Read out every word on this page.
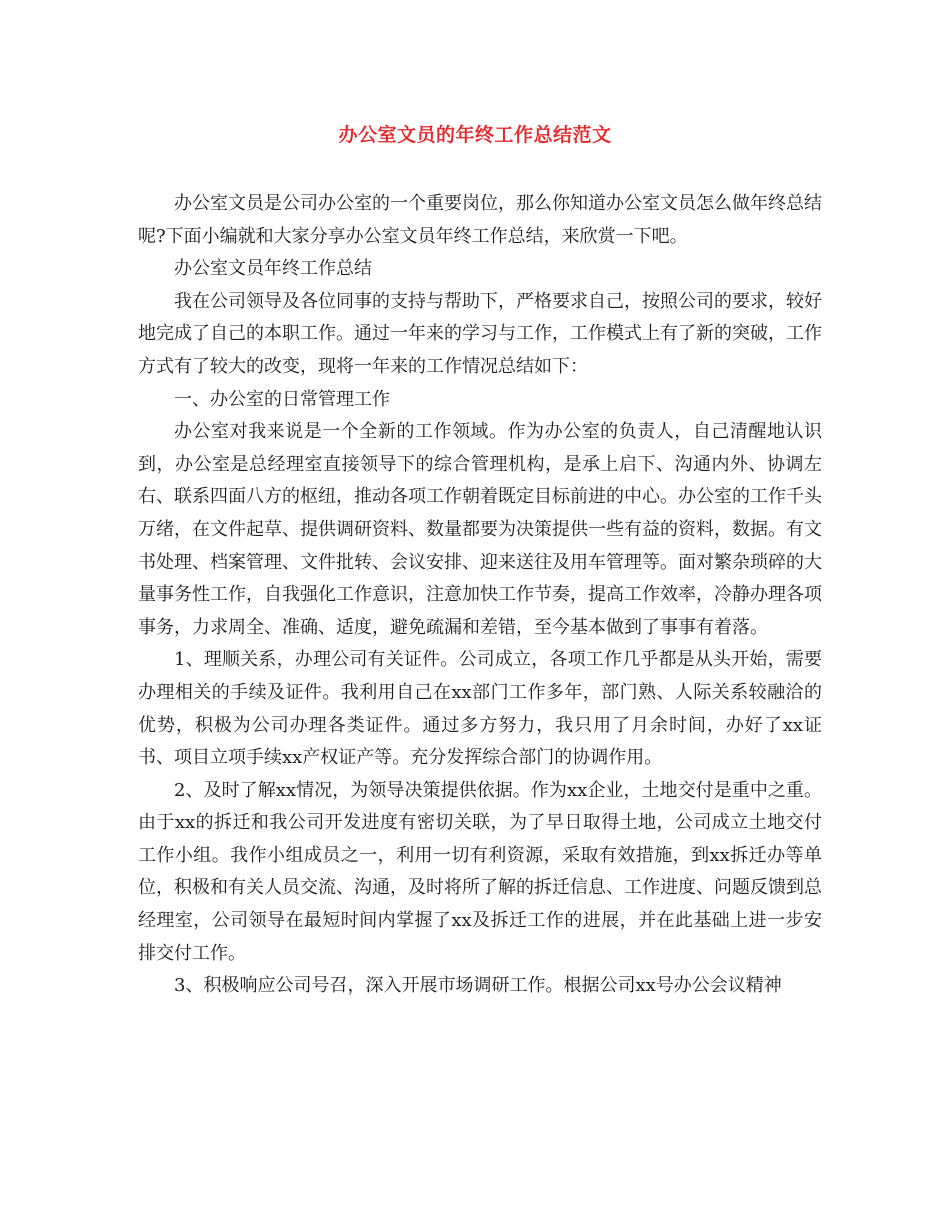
办公室文员的年终工作总结范文

办公室文员是公司办公室的一个重要岗位，那么你知道办公室文员怎么做年终总结呢?下面小编就和大家分享办公室文员年终工作总结，来欣赏一下吧。

办公室文员年终工作总结

我在公司领导及各位同事的支持与帮助下，严格要求自己，按照公司的要求，较好地完成了自己的本职工作。通过一年来的学习与工作，工作模式上有了新的突破，工作方式有了较大的改变，现将一年来的工作情况总结如下：

一、办公室的日常管理工作

办公室对我来说是一个全新的工作领域。作为办公室的负责人，自己清醒地认识到，办公室是总经理室直接领导下的综合管理机构，是承上启下、沟通内外、协调左右、联系四面八方的枢纽，推动各项工作朝着既定目标前进的中心。办公室的工作千头万绪，在文件起草、提供调研资料、数量都要为决策提供一些有益的资料，数据。有文书处理、档案管理、文件批转、会议安排、迎来送往及用车管理等。面对繁杂琐碎的大量事务性工作，自我强化工作意识，注意加快工作节奏，提高工作效率，冷静办理各项事务，力求周全、准确、适度，避免疏漏和差错，至今基本做到了事事有着落。

1、理顺关系，办理公司有关证件。公司成立，各项工作几乎都是从头开始，需要办理相关的手续及证件。我利用自己在xx部门工作多年，部门熟、人际关系较融洽的优势，积极为公司办理各类证件。通过多方努力，我只用了月余时间，办好了xx证书、项目立项手续xx产权证产等。充分发挥综合部门的协调作用。

2、及时了解xx情况，为领导决策提供依据。作为xx企业，土地交付是重中之重。由于xx的拆迁和我公司开发进度有密切关联，为了早日取得土地，公司成立土地交付工作小组。我作小组成员之一，利用一切有利资源，采取有效措施，到xx拆迁办等单位，积极和有关人员交流、沟通，及时将所了解的拆迁信息、工作进度、问题反馈到总经理室，公司领导在最短时间内掌握了xx及拆迁工作的进展，并在此基础上进一步安排交付工作。

3、积极响应公司号召，深入开展市场调研工作。根据公司xx号办公会议精神
